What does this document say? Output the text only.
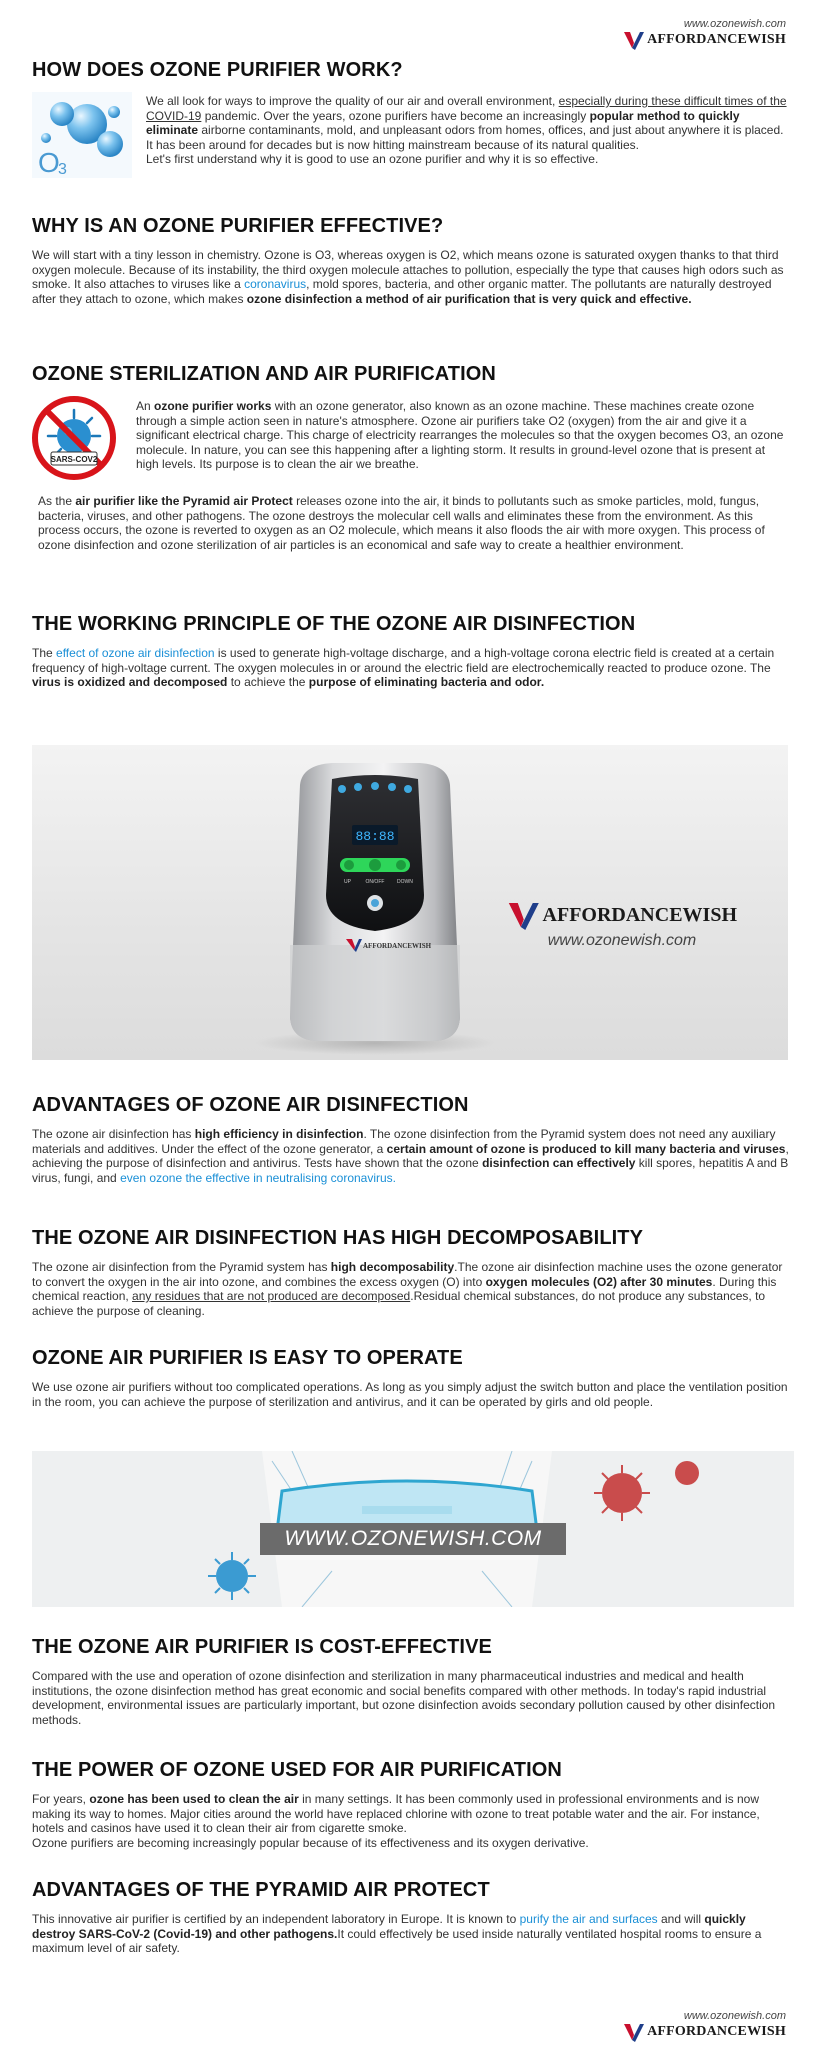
www.ozonewish.com
AFFORDANCEWISH
HOW DOES OZONE PURIFIER WORK?
O
3

We all look for ways to improve the quality of our air and overall environment, especially during these difficult times of the COVID-19 pandemic. Over the years, ozone purifiers have become an increasingly popular method to quickly eliminate airborne contaminants, mold, and unpleasant odors from homes, offices, and just about anywhere it is placed. It has been around for decades but is now hitting mainstream because of its natural qualities.
Let's first understand why it is good to use an ozone purifier and why it is so effective.

WHY IS AN OZONE PURIFIER EFFECTIVE?

We will start with a tiny lesson in chemistry. Ozone is O3, whereas oxygen is O2, which means ozone is saturated oxygen thanks to that third oxygen molecule. Because of its instability, the third oxygen molecule attaches to pollution, especially the type that causes high odors such as smoke. It also attaches to viruses like a coronavirus, mold spores, bacteria, and other organic matter. The pollutants are naturally destroyed after they attach to ozone, which makes ozone disinfection a method of air purification that is very quick and effective.

OZONE STERILIZATION AND AIR PURIFICATION
SARS-COV2

An ozone purifier works with an ozone generator, also known as an ozone machine. These machines create ozone through a simple action seen in nature's atmosphere. Ozone air purifiers take O2 (oxygen) from the air and give it a significant electrical charge. This charge of electricity rearranges the molecules so that the oxygen becomes O3, an ozone molecule. In nature, you can see this happening after a lighting storm. It results in ground-level ozone that is present at high levels. Its purpose is to clean the air we breathe.

As the air purifier like the Pyramid air Protect releases ozone into the air, it binds to pollutants such as smoke particles, mold, fungus, bacteria, viruses, and other pathogens. The ozone destroys the molecular cell walls and eliminates these from the environment. As this process occurs, the ozone is reverted to oxygen as an O2 molecule, which means it also floods the air with more oxygen. This process of ozone disinfection and ozone sterilization of air particles is an economical and safe way to create a healthier environment.

THE WORKING PRINCIPLE OF THE OZONE AIR DISINFECTION

The effect of ozone air disinfection is used to generate high-voltage discharge, and a high-voltage corona electric field is created at a certain frequency of high-voltage current. The oxygen molecules in or around the electric field are electrochemically reacted to produce ozone. The virus is oxidized and decomposed to achieve the purpose of eliminating bacteria and odor.

88:88
UP	ON/OFF	DOWN
AFFORDANCEWISH
AFFORDANCEWISH
www.ozonewish.com
ADVANTAGES OF OZONE AIR DISINFECTION

The ozone air disinfection has high efficiency in disinfection. The ozone disinfection from the Pyramid system does not need any auxiliary materials and additives. Under the effect of the ozone generator, a certain amount of ozone is produced to kill many bacteria and viruses, achieving the purpose of disinfection and antivirus. Tests have shown that the ozone disinfection can effectively kill spores, hepatitis A and B virus, fungi, and even ozone the effective in neutralising coronavirus.

THE OZONE AIR DISINFECTION HAS HIGH DECOMPOSABILITY

The ozone air disinfection from the Pyramid system has high decomposability.The ozone air disinfection machine uses the ozone generator to convert the oxygen in the air into ozone, and combines the excess oxygen (O) into oxygen molecules (O2) after 30 minutes. During this chemical reaction, any residues that are not produced are decomposed.Residual chemical substances, do not produce any substances, to achieve the purpose of cleaning.

OZONE AIR PURIFIER IS EASY TO OPERATE

We use ozone air purifiers without too complicated operations. As long as you simply adjust the switch button and place the ventilation position in the room, you can achieve the purpose of sterilization and antivirus, and it can be operated by girls and old people.

WWW.OZONEWISH.COM
THE OZONE AIR PURIFIER IS COST-EFFECTIVE

Compared with the use and operation of ozone disinfection and sterilization in many pharmaceutical industries and medical and health institutions, the ozone disinfection method has great economic and social benefits compared with other methods. In today's rapid industrial development, environmental issues are particularly important, but ozone disinfection avoids secondary pollution caused by other disinfection methods.

THE POWER OF OZONE USED FOR AIR PURIFICATION

For years, ozone has been used to clean the air in many settings. It has been commonly used in professional environments and is now making its way to homes. Major cities around the world have replaced chlorine with ozone to treat potable water and the air. For instance, hotels and casinos have used it to clean their air from cigarette smoke.
Ozone purifiers are becoming increasingly popular because of its effectiveness and its oxygen derivative.

ADVANTAGES OF THE PYRAMID AIR PROTECT

This innovative air purifier is certified by an independent laboratory in Europe. It is known to purify the air and surfaces and will quickly destroy SARS-CoV-2 (Covid-19) and other pathogens.It could effectively be used inside naturally ventilated hospital rooms to ensure a maximum level of air safety.

www.ozonewish.com
AFFORDANCEWISH
